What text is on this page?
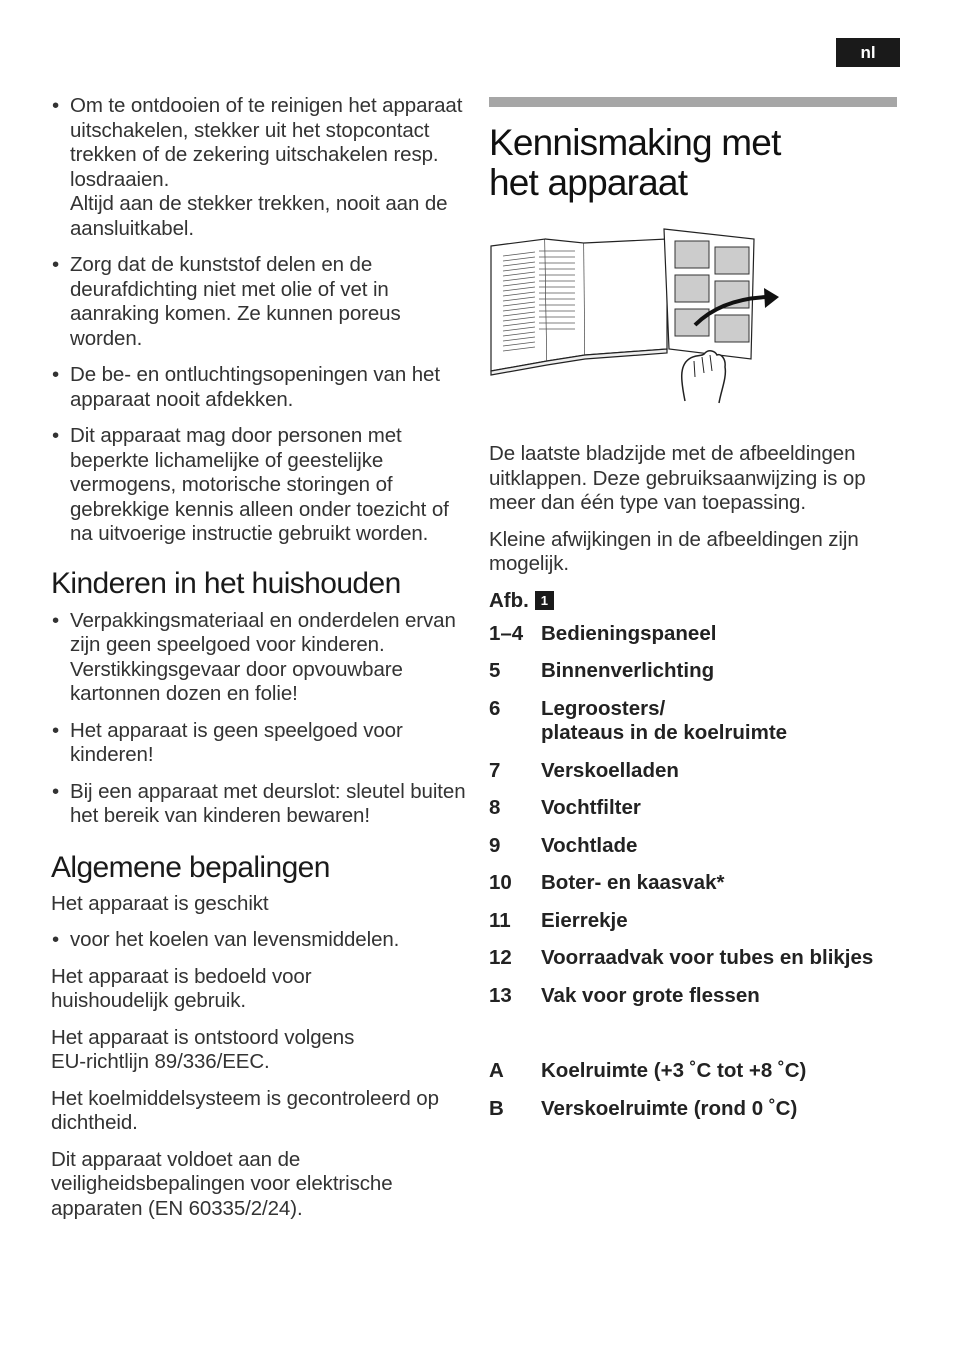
nl
• Om te ontdooien of te reinigen het apparaat uitschakelen, stekker uit het stopcontact trekken of de zekering uitschakelen resp. losdraaien.
Altijd aan de stekker trekken, nooit aan de aansluitkabel.
• Zorg dat de kunststof delen en de deurafdichting niet met olie of vet in aanraking komen. Ze kunnen poreus worden.
• De be- en ontluchtingsopeningen van het apparaat nooit afdekken.
• Dit apparaat mag door personen met beperkte lichamelijke of geestelijke vermogens, motorische storingen of gebrekkige kennis alleen onder toezicht of na uitvoerige instructie gebruikt worden.
Kinderen in het huishouden
• Verpakkingsmateriaal en onderdelen ervan zijn geen speelgoed voor kinderen. Verstikkingsgevaar door opvouwbare kartonnen dozen en folie!
• Het apparaat is geen speelgoed voor kinderen!
• Bij een apparaat met deurslot: sleutel buiten het bereik van kinderen bewaren!
Algemene bepalingen

Het apparaat is geschikt

• voor het koelen van levensmiddelen.

Het apparaat is bedoeld voor huishoudelijk gebruik.

Het apparaat is ontstoord volgens EU-richtlijn 89/336/EEC.

Het koelmiddelsysteem is gecontroleerd op dichtheid.

Dit apparaat voldoet aan de veiligheidsbepalingen voor elektrische apparaten (EN 60335/2/24).

Kennismaking met
het apparaat

De laatste bladzijde met de afbeeldingen uitklappen. Deze gebruiksaanwijzing is op meer dan één type van toepassing.

Kleine afwijkingen in de afbeeldingen zijn mogelijk.

Afb. 1
1–4 Bedieningspaneel
5	Binnenverlichting
6	Legroosters/
plateaus in de koelruimte
7	Verskoelladen
8	Vochtfilter
9	Vochtlade
10	Boter- en kaasvak*
11	Eierrekje
12	Voorraadvak voor tubes en blikjes
13	Vak voor grote flessen
A	Koelruimte (+3 ˚C tot +8 ˚C)
B	Verskoelruimte (rond 0 ˚C)
